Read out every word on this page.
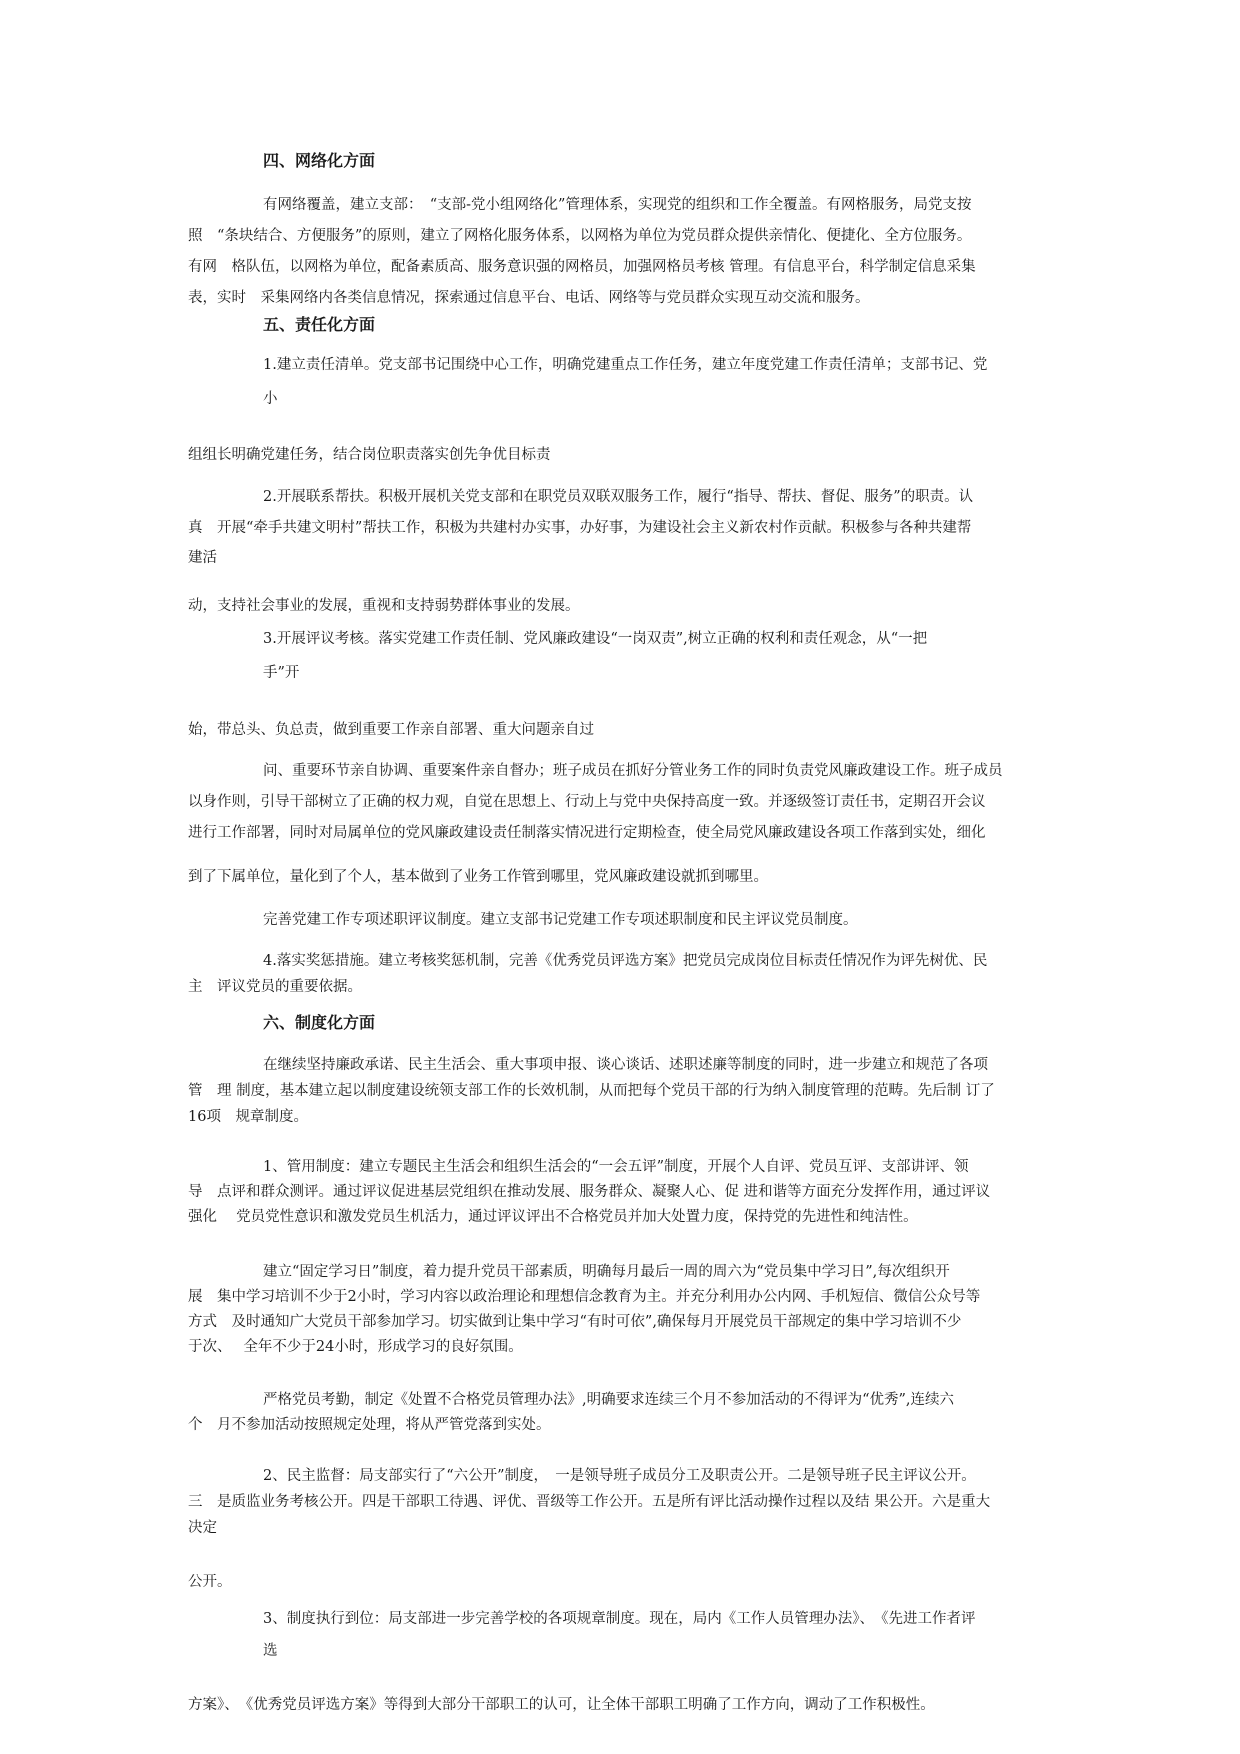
四、网络化方面
有网络覆盖，建立支部：　“支部-党小组网络化”管理体系，实现党的组织和工作全覆盖。有网格服务，局党支按
照　“条块结合、方便服务”的原则，建立了网格化服务体系，以网格为单位为党员群众提供亲情化、便捷化、全方位服务。
有网　格队伍，以网格为单位，配备素质高、服务意识强的网格员，加强网格员考核 管理。有信息平台，科学制定信息采集
表，实时　采集网络内各类信息情况，探索通过信息平台、电话、网络等与党员群众实现互动交流和服务。
五、责任化方面
1.建立责任清单。党支部书记围绕中心工作，明确党建重点工作任务，建立年度党建工作责任清单；支部书记、党
小
组组长明确党建任务，结合岗位职责落实创先争优目标责
2.开展联系帮扶。积极开展机关党支部和在职党员双联双服务工作，履行“指导、帮扶、督促、服务”的职责。认
真　开展“牵手共建文明村”帮扶工作，积极为共建村办实事，办好事，为建设社会主义新农村作贡献。积极参与各种共建帮
建活
动，支持社会事业的发展，重视和支持弱势群体事业的发展。
3.开展评议考核。落实党建工作责任制、党风廉政建设“一岗双责”,树立正确的权利和责任观念，从“一把
手”开
始，带总头、负总责，做到重要工作亲自部署、重大问题亲自过
问、重要环节亲自协调、重要案件亲自督办；班子成员在抓好分管业务工作的同时负责党风廉政建设工作。班子成员
以身作则，引导干部树立了正确的权力观，自觉在思想上、行动上与党中央保持高度一致。并逐级签订责任书，定期召开会议
进行工作部署，同时对局属单位的党风廉政建设责任制落实情况进行定期检查，使全局党风廉政建设各项工作落到实处，细化
到了下属单位，量化到了个人，基本做到了业务工作管到哪里，党风廉政建设就抓到哪里。
完善党建工作专项述职评议制度。建立支部书记党建工作专项述职制度和民主评议党员制度。
4.落实奖惩措施。建立考核奖惩机制，完善《优秀党员评选方案》把党员完成岗位目标责任情况作为评先树优、民
主　评议党员的重要依据。
六、制度化方面
在继续坚持廉政承诺、民主生活会、重大事项申报、谈心谈话、述职述廉等制度的同时，进一步建立和规范了各项
管　理 制度，基本建立起以制度建设统领支部工作的长效机制，从而把每个党员干部的行为纳入制度管理的范畴。先后制 订了
16项　规章制度。
1、管用制度：建立专题民主生活会和组织生活会的“一会五评”制度，开展个人自评、党员互评、支部讲评、领
导　点评和群众测评。通过评议促进基层党组织在推动发展、服务群众、凝聚人心、促 进和谐等方面充分发挥作用，通过评议
强化　 党员党性意识和激发党员生机活力，通过评议评出不合格党员并加大处置力度，保持党的先进性和纯洁性。
建立“固定学习日”制度，着力提升党员干部素质，明确每月最后一周的周六为“党员集中学习日”,每次组织开
展　集中学习培训不少于2小时，学习内容以政治理论和理想信念教育为主。并充分利用办公内网、手机短信、微信公众号等
方式　及时通知广大党员干部参加学习。切实做到让集中学习“有时可依”,确保每月开展党员干部规定的集中学习培训不少
于次、　 全年不少于24小时，形成学习的良好氛围。
严格党员考勤，制定《处置不合格党员管理办法》,明确要求连续三个月不参加活动的不得评为“优秀”,连续六
个　月不参加活动按照规定处理，将从严管党落到实处。
2、民主监督：局支部实行了“六公开”制度，　一是领导班子成员分工及职责公开。二是领导班子民主评议公开。
三　是质监业务考核公开。四是干部职工待遇、评优、晋级等工作公开。五是所有评比活动操作过程以及结 果公开。六是重大
决定
公开。
3、制度执行到位：局支部进一步完善学校的各项规章制度。现在，局内《工作人员管理办法》、　《先进工作者评
选
方案》、　《优秀党员评选方案》等得到大部分干部职工的认可，让全体干部职工明确了工作方向，调动了工作积极性。
